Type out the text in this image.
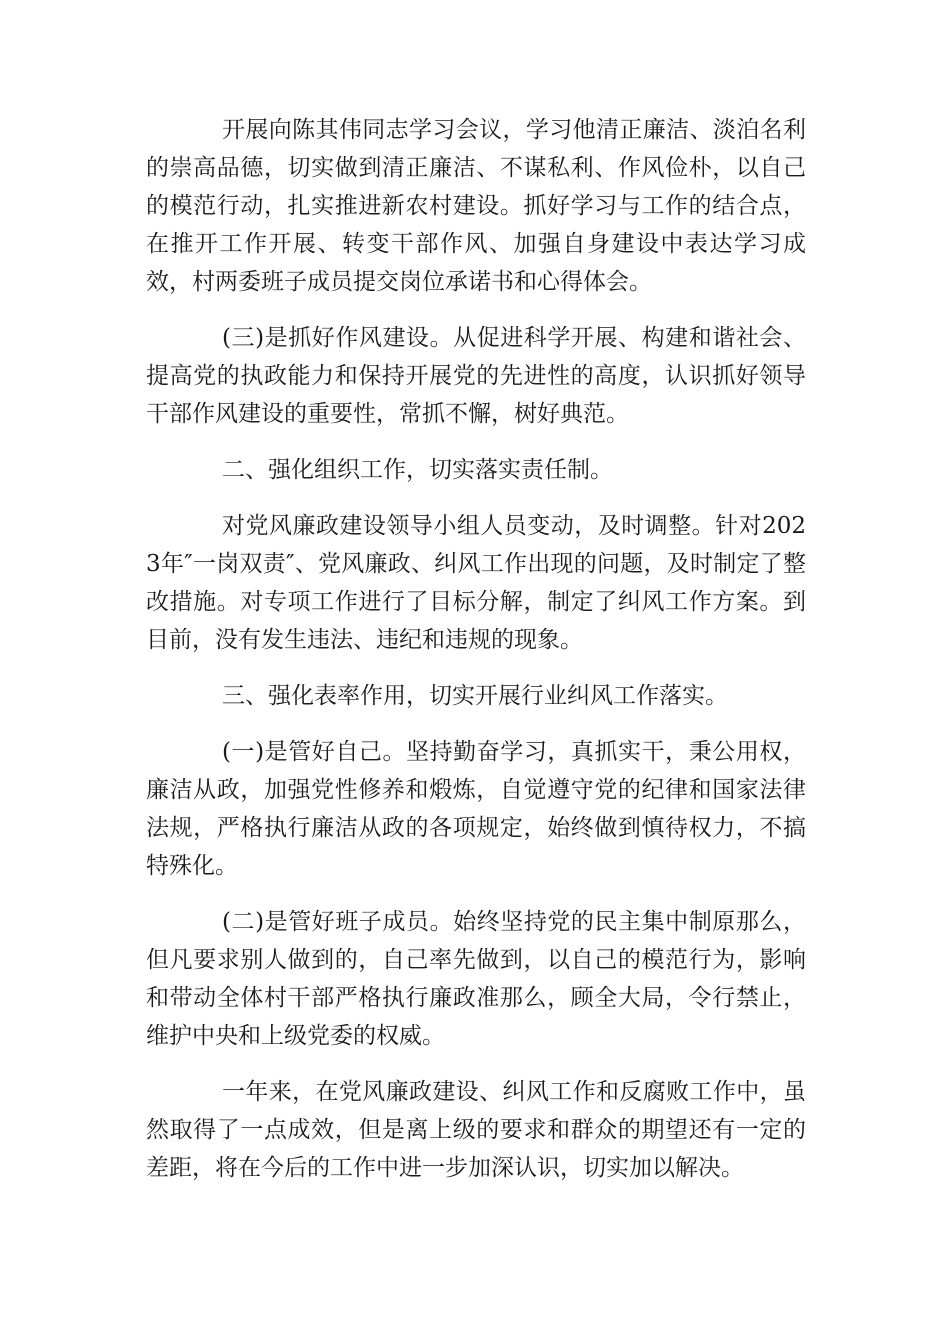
开展向陈其伟同志学习会议，学习他清正廉洁、淡泊名利的崇高品德，切实做到清正廉洁、不谋私利、作风俭朴，以自己的模范行动，扎实推进新农村建设。抓好学习与工作的结合点，在推开工作开展、转变干部作风、加强自身建设中表达学习成效，村两委班子成员提交岗位承诺书和心得体会。

(三)是抓好作风建设。从促进科学开展、构建和谐社会、提高党的执政能力和保持开展党的先进性的高度，认识抓好领导干部作风建设的重要性，常抓不懈，树好典范。

二、强化组织工作，切实落实责任制。

对党风廉政建设领导小组人员变动，及时调整。针对2023年″一岗双责″、党风廉政、纠风工作出现的问题，及时制定了整改措施。对专项工作进行了目标分解，制定了纠风工作方案。到目前，没有发生违法、违纪和违规的现象。

三、强化表率作用，切实开展行业纠风工作落实。

(一)是管好自己。坚持勤奋学习，真抓实干，秉公用权，廉洁从政，加强党性修养和煅炼，自觉遵守党的纪律和国家法律法规，严格执行廉洁从政的各项规定，始终做到慎待权力，不搞特殊化。

(二)是管好班子成员。始终坚持党的民主集中制原那么，但凡要求别人做到的，自己率先做到，以自己的模范行为，影响和带动全体村干部严格执行廉政准那么，顾全大局，令行禁止，维护中央和上级党委的权威。

一年来，在党风廉政建设、纠风工作和反腐败工作中，虽然取得了一点成效，但是离上级的要求和群众的期望还有一定的差距，将在今后的工作中进一步加深认识，切实加以解决。
